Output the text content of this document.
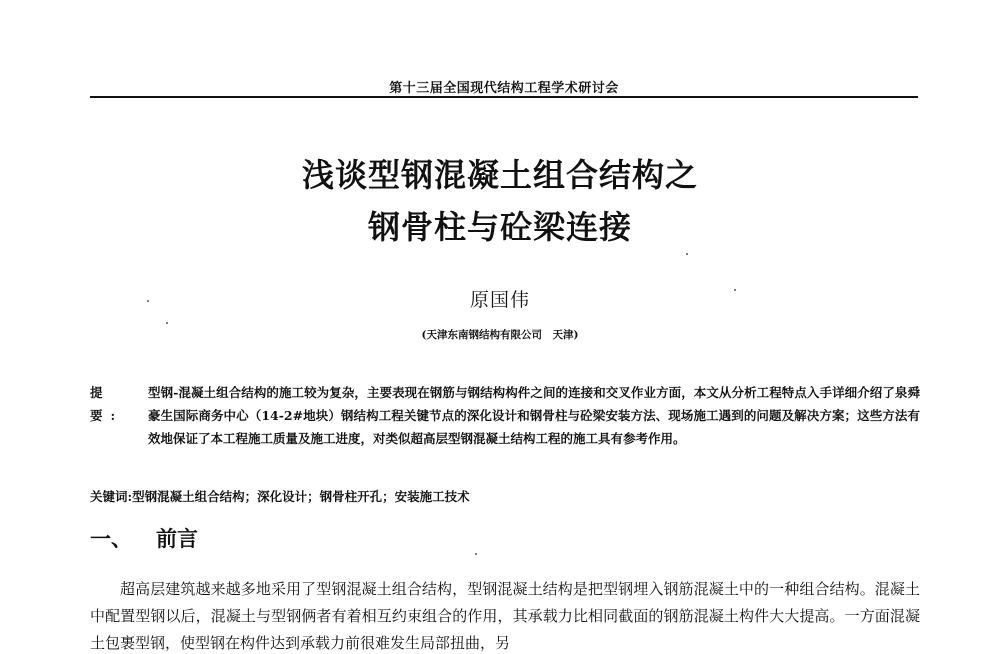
第十三届全国现代结构工程学术研讨会
浅谈型钢混凝土组合结构之
钢骨柱与砼梁连接
原国伟
(天津东南钢结构有限公司　天津)
提 要:
型钢-混凝土组合结构的施工较为复杂，主要表现在钢筋与钢结构构件之间的连接和交叉作业方面，本文从分析工程特点入手详细介绍了泉舜豪生国际商务中心（14-2#地块）钢结构工程关键节点的深化设计和钢骨柱与砼梁安装方法、现场施工遇到的问题及解决方案；这些方法有效地保证了本工程施工质量及施工进度，对类似超高层型钢混凝土结构工程的施工具有参考作用。
关键词:型钢混凝土组合结构；深化设计；钢骨柱开孔；安装施工技术
一、 前言
超高层建筑越来越多地采用了型钢混凝土组合结构，型钢混凝土结构是把型钢埋入钢筋混凝土中的一种组合结构。混凝土中配置型钢以后，混凝土与型钢俩者有着相互约束组合的作用，其承载力比相同截面的钢筋混凝土构件大大提高。一方面混凝土包裹型钢，使型钢在构件达到承载力前很难发生局部扭曲，另
